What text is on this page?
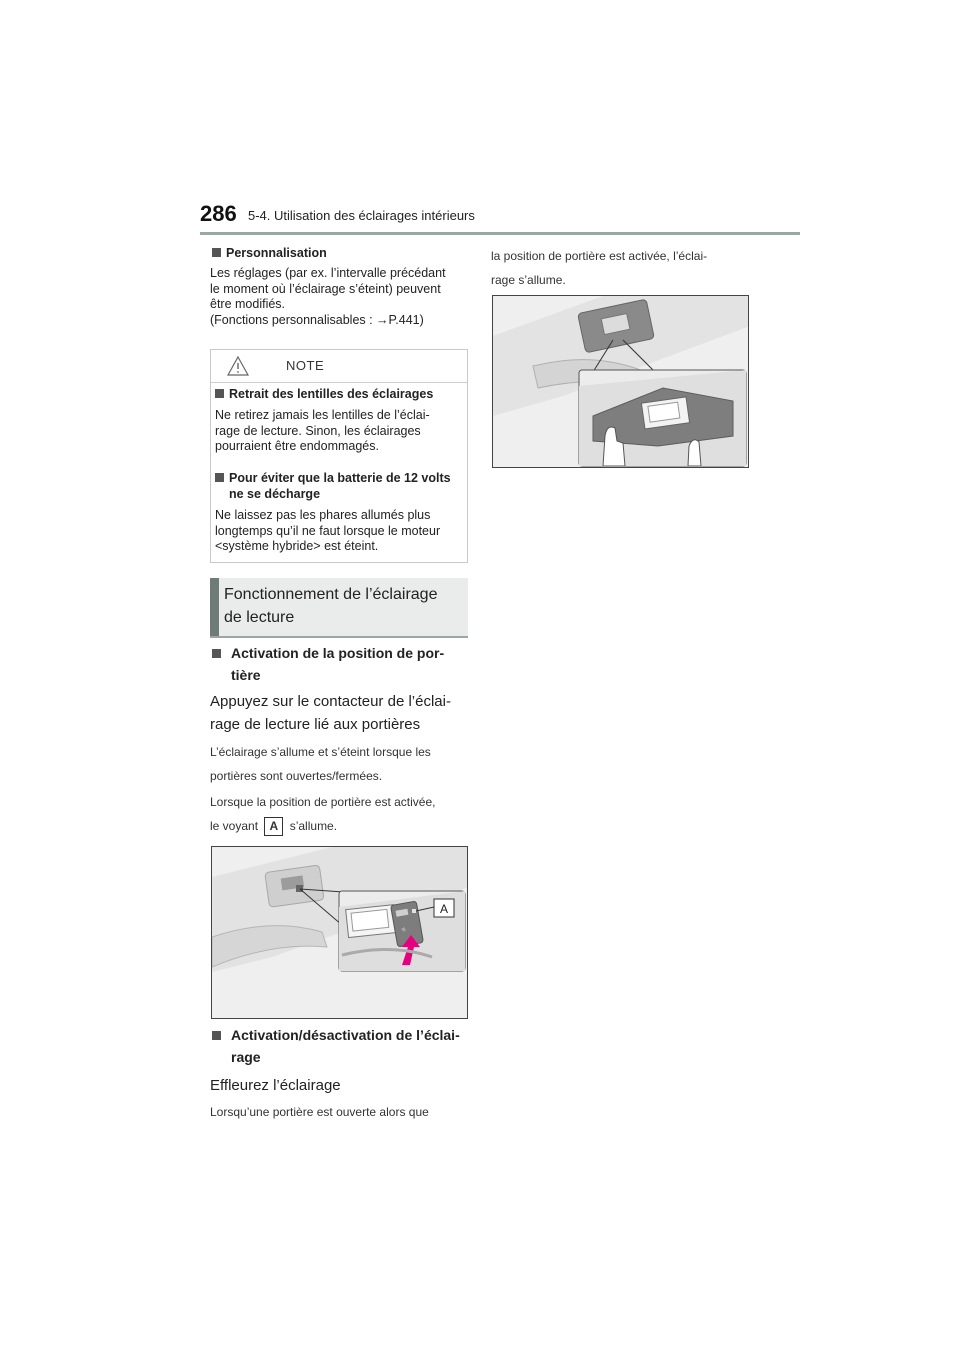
286 5-4. Utilisation des éclairages intérieurs
Personnalisation
Les réglages (par ex. l’intervalle précédant
le moment où l’éclairage s’éteint) peuvent
être modifiés.
(Fonctions personnalisables : →P.441)
NOTE
Retrait des lentilles des éclairages
Ne retirez jamais les lentilles de l’éclai-
rage de lecture. Sinon, les éclairages
pourraient être endommagés.
Pour éviter que la batterie de 12 volts
ne se décharge
Ne laissez pas les phares allumés plus
longtemps qu’il ne faut lorsque le moteur
<système hybride> est éteint.
Fonctionnement de l’éclairage
de lecture
Activation de la position de por-
tière
Appuyez sur le contacteur de l’éclai-
rage de lecture lié aux portières
L’éclairage s’allume et s’éteint lorsque les
portières sont ouvertes/fermées.
Lorsque la position de portière est activée,
le voyant A s’allume.
☼
A
Activation/désactivation de l’éclai-
rage
Effleurez l’éclairage
Lorsqu’une portière est ouverte alors que
la position de portière est activée, l’éclai-
rage s’allume.
